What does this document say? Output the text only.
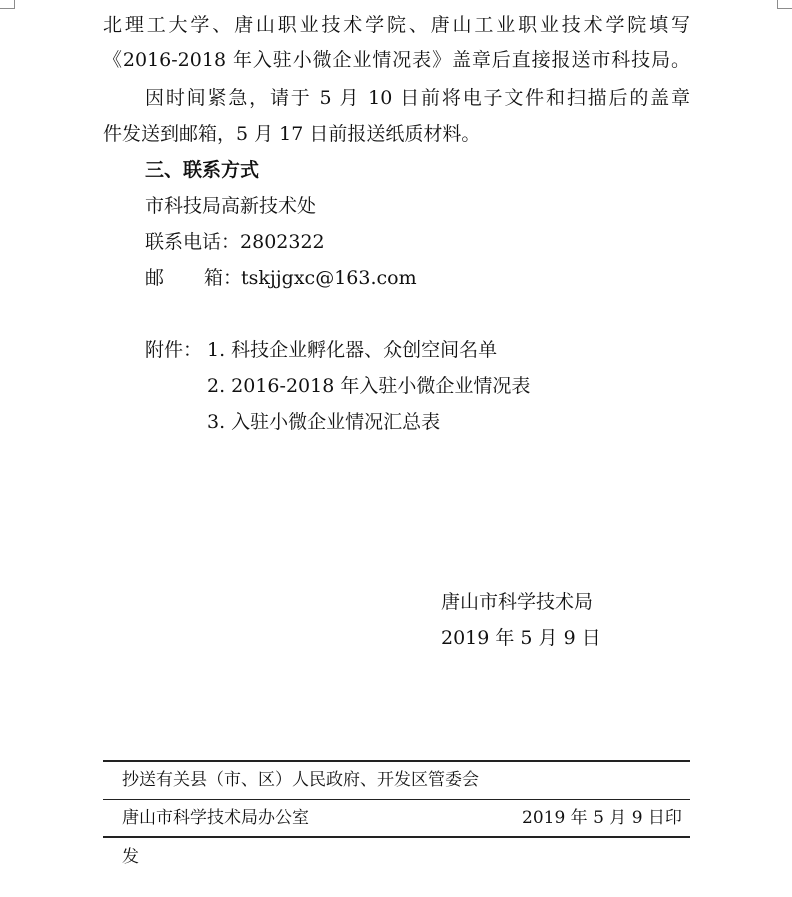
北理工大学、唐山职业技术学院、唐山工业职业技术学院填写

《2016-2018 年入驻小微企业情况表》盖章后直接报送市科技局。

因时间紧急，请于 5 月 10 日前将电子文件和扫描后的盖章

件发送到邮箱，5 月 17 日前报送纸质材料。

三、联系方式

市科技局高新技术处

联系电话：2802322

邮 箱：tskjjgxc@163.com

附件： 1. 科技企业孵化器、众创空间名单

2. 2016-2018 年入驻小微企业情况表

3. 入驻小微企业情况汇总表

唐山市科学技术局

2019 年 5 月 9 日

抄送有关县（市、区）人民政府、开发区管委会
唐山市科学技术局办公室	2019 年 5 月 9 日印
发
